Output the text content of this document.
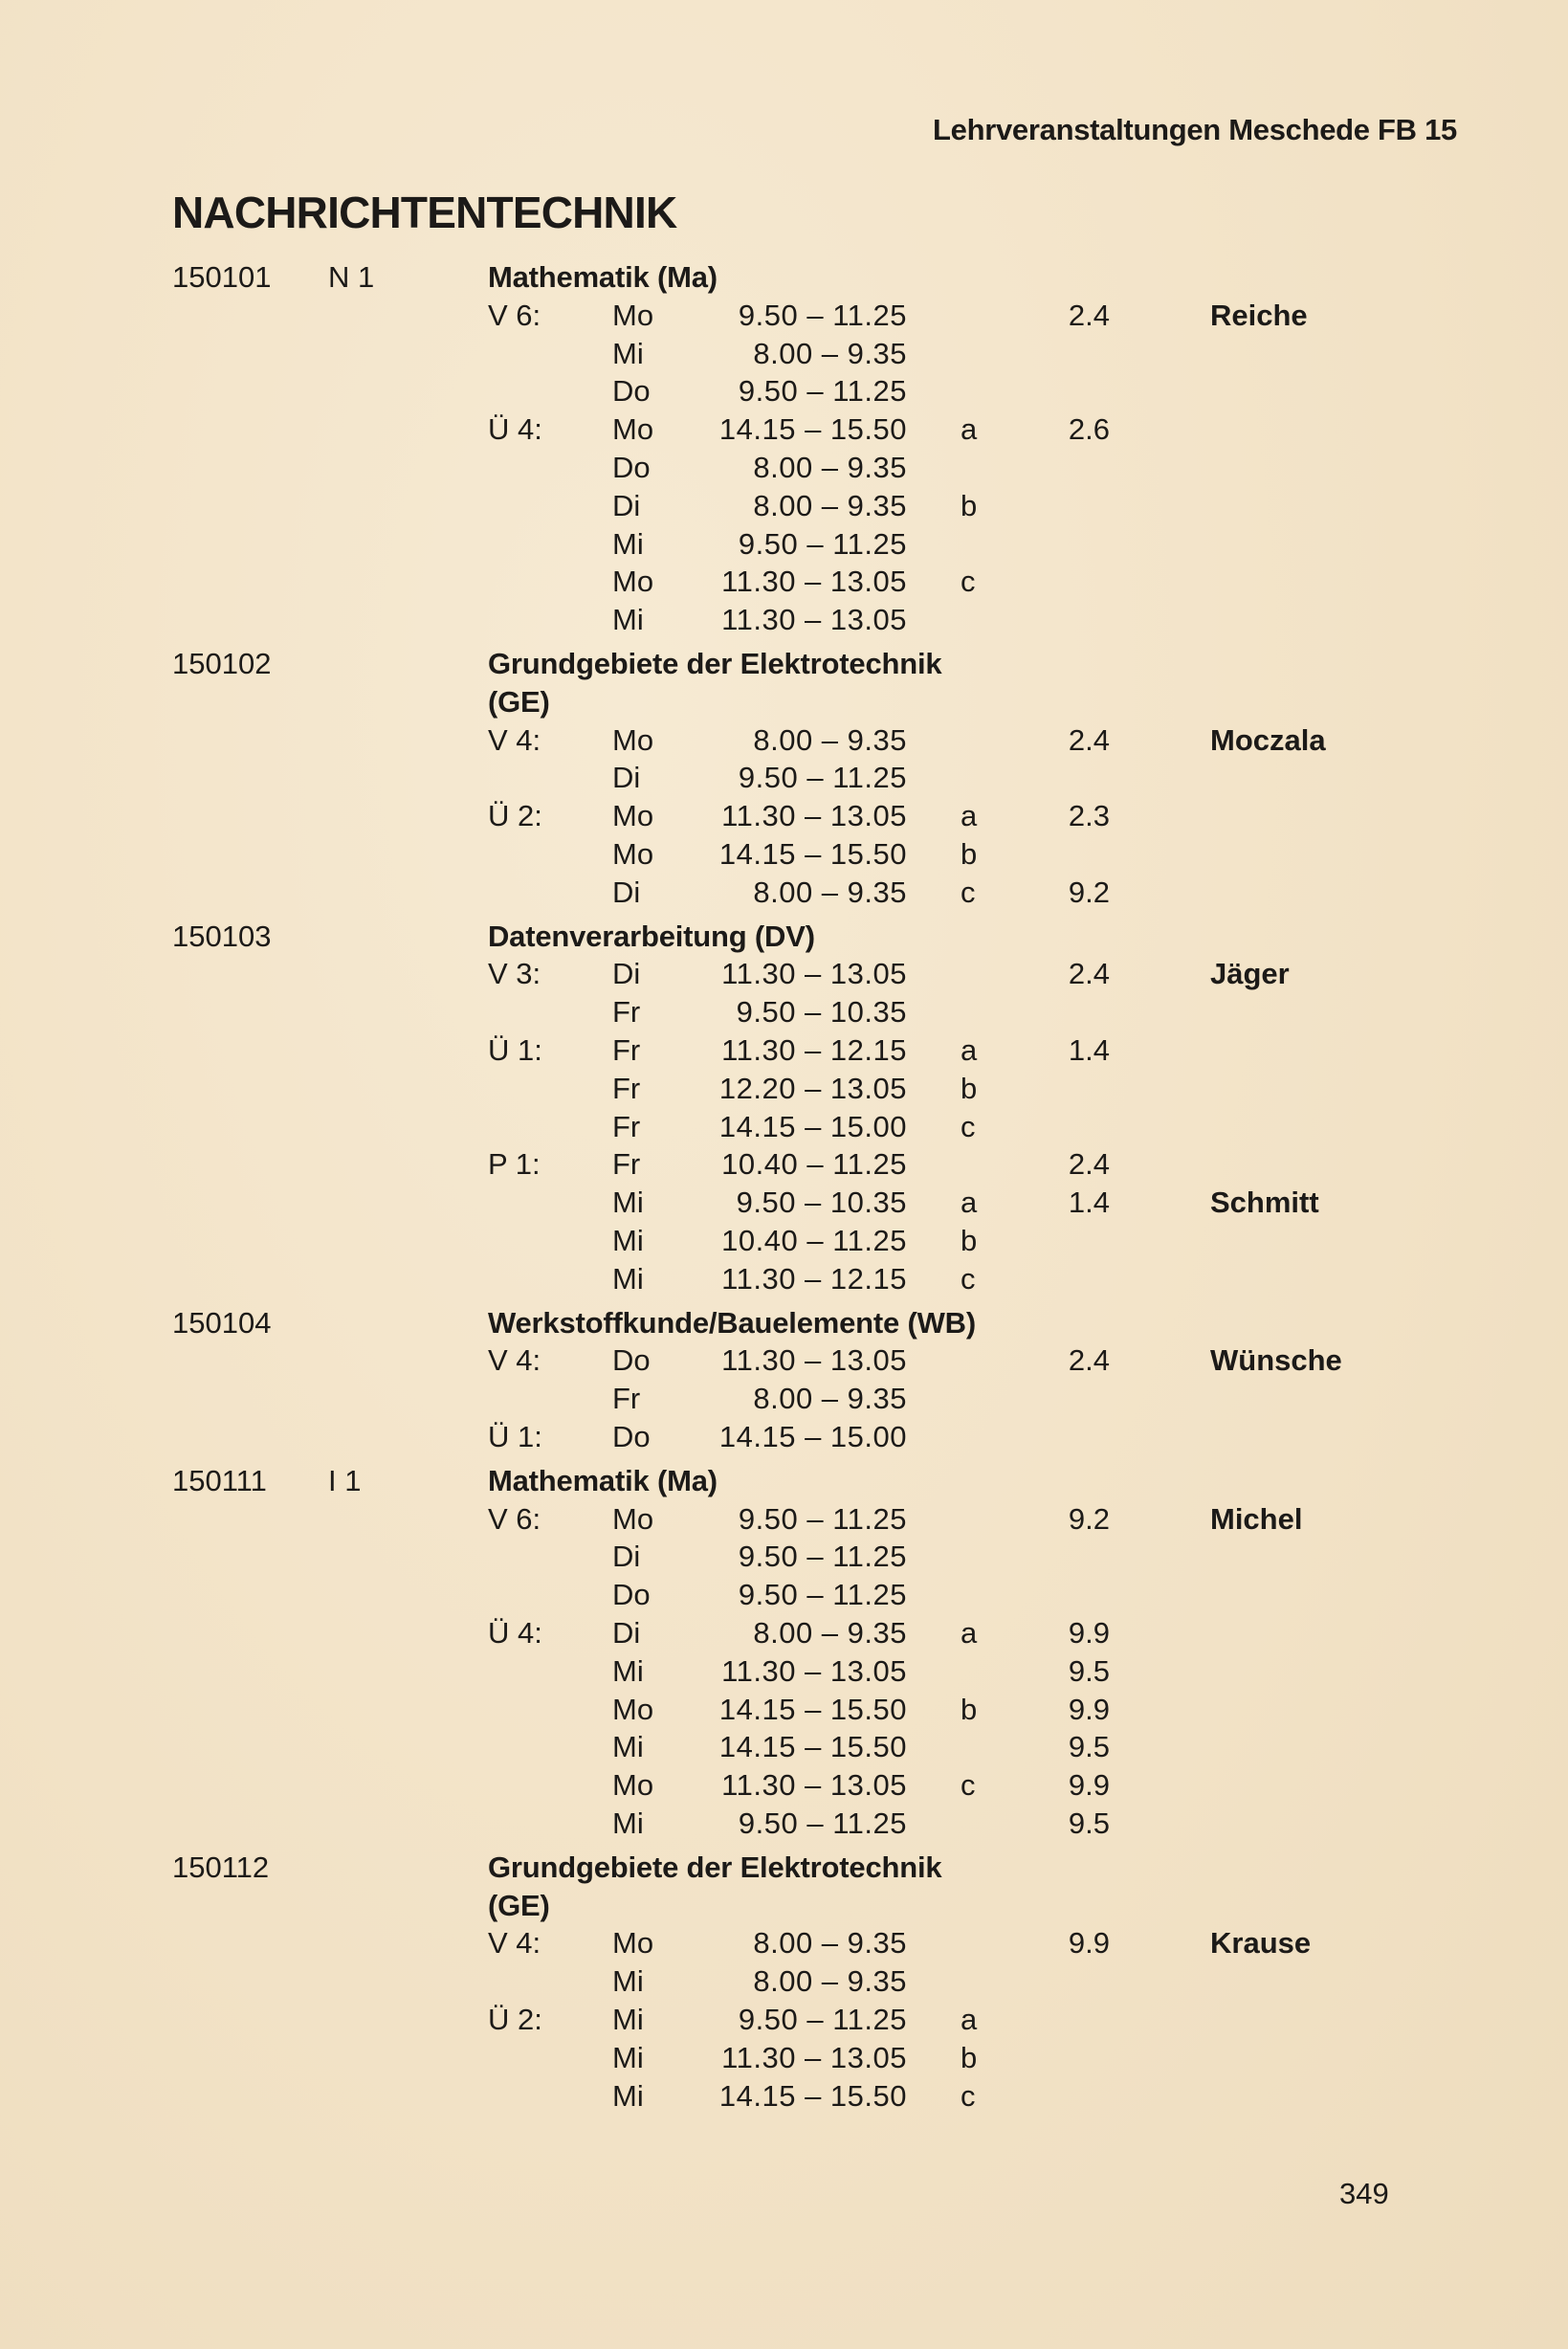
Lehrveranstaltungen Meschede FB 15
NACHRICHTENTECHNIK
150101 N 1	Mathematik (Ma)
V 6: Mo	9.50 – 11.25	2.4	Reiche
Mi	8.00 – 9.35
Do	9.50 – 11.25
Ü 4: Mo	14.15 – 15.50 a	2.6
Do	8.00 – 9.35
Di	8.00 – 9.35 b
Mi	9.50 – 11.25
Mo	11.30 – 13.05 c
Mi	11.30 – 13.05
150102	Grundgebiete der Elektrotechnik
(GE)
V 4: Mo	8.00 – 9.35	2.4	Moczala
Di	9.50 – 11.25
Ü 2: Mo	11.30 – 13.05 a	2.3
Mo	14.15 – 15.50 b
Di	8.00 – 9.35 c	9.2
150103	Datenverarbeitung (DV)
V 3: Di	11.30 – 13.05	2.4	Jäger
Fr	9.50 – 10.35
Ü 1: Fr	11.30 – 12.15 a	1.4
Fr	12.20 – 13.05 b
Fr	14.15 – 15.00 c
P 1: Fr	10.40 – 11.25	2.4
Mi	9.50 – 10.35 a	1.4	Schmitt
Mi	10.40 – 11.25 b
Mi	11.30 – 12.15 c
150104	Werkstoffkunde/Bauelemente (WB)
V 4: Do	11.30 – 13.05	2.4	Wünsche
Fr	8.00 – 9.35
Ü 1: Do	14.15 – 15.00
150111 I 1	Mathematik (Ma)
V 6: Mo	9.50 – 11.25	9.2	Michel
Di	9.50 – 11.25
Do	9.50 – 11.25
Ü 4: Di	8.00 – 9.35 a	9.9
Mi	11.30 – 13.05	9.5
Mo	14.15 – 15.50 b	9.9
Mi	14.15 – 15.50	9.5
Mo	11.30 – 13.05 c	9.9
Mi	9.50 – 11.25	9.5
150112	Grundgebiete der Elektrotechnik
(GE)
V 4: Mo	8.00 – 9.35	9.9	Krause
Mi	8.00 – 9.35
Ü 2: Mi	9.50 – 11.25 a
Mi	11.30 – 13.05 b
Mi	14.15 – 15.50 c
349
